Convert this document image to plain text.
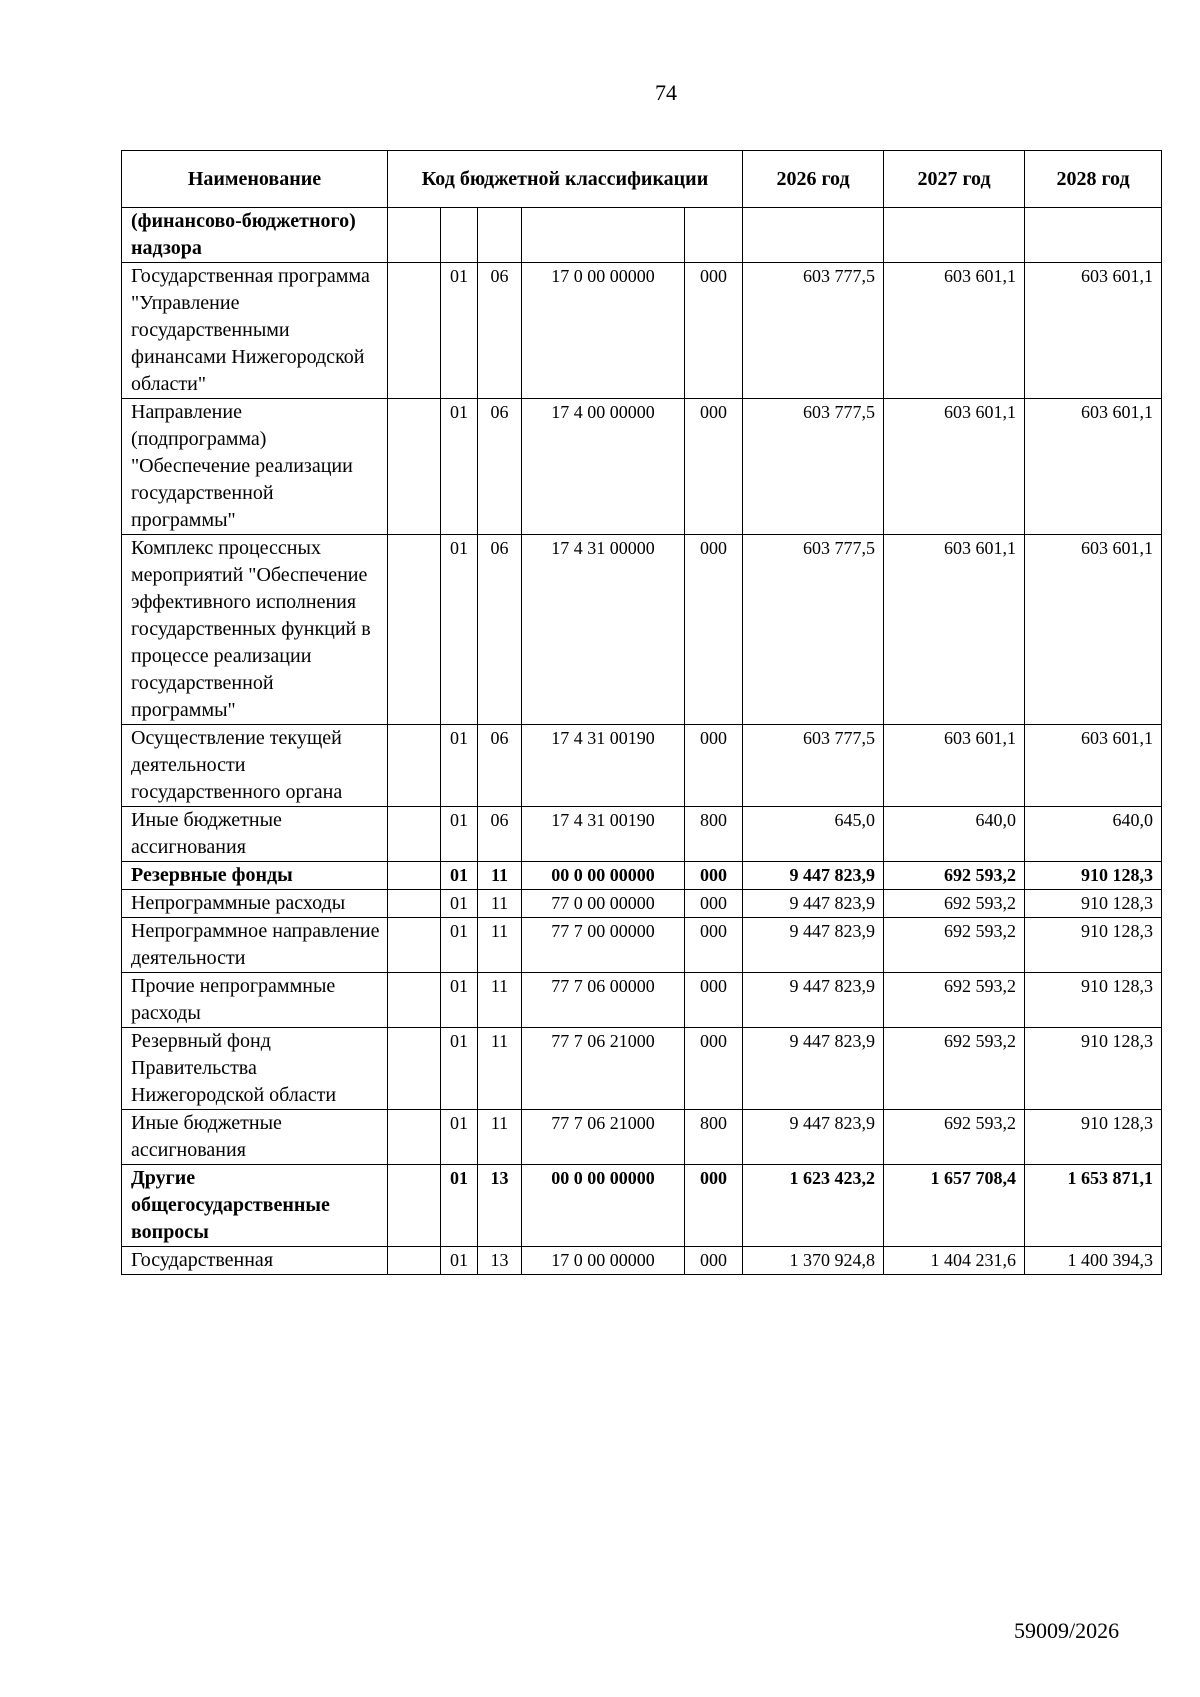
74
Наименование	Код бюджетной классификации					2026 год	2027 год	2028 год
(финансово-бюджетного) надзора								
Государственная программа "Управление государственными финансами Нижегородской области"		01	06	17 0 00 00000	000	603 777,5	603 601,1	603 601,1
Направление (подпрограмма) "Обеспечение реализации государственной программы"		01	06	17 4 00 00000	000	603 777,5	603 601,1	603 601,1
Комплекс процессных мероприятий "Обеспечение эффективного исполнения государственных функций в процессе реализации государственной программы"		01	06	17 4 31 00000	000	603 777,5	603 601,1	603 601,1
Осуществление текущей деятельности государственного органа		01	06	17 4 31 00190	000	603 777,5	603 601,1	603 601,1
Иные бюджетные ассигнования		01	06	17 4 31 00190	800	645,0	640,0	640,0
Резервные фонды		01	11	00 0 00 00000	000	9 447 823,9	692 593,2	910 128,3
Непрограммные расходы		01	11	77 0 00 00000	000	9 447 823,9	692 593,2	910 128,3
Непрограммное направление деятельности		01	11	77 7 00 00000	000	9 447 823,9	692 593,2	910 128,3
Прочие непрограммные расходы		01	11	77 7 06 00000	000	9 447 823,9	692 593,2	910 128,3
Резервный фонд Правительства Нижегородской области		01	11	77 7 06 21000	000	9 447 823,9	692 593,2	910 128,3
Иные бюджетные ассигнования		01	11	77 7 06 21000	800	9 447 823,9	692 593,2	910 128,3
Другие общегосударственные вопросы		01	13	00 0 00 00000	000	1 623 423,2	1 657 708,4	1 653 871,1
Государственная		01	13	17 0 00 00000	000	1 370 924,8	1 404 231,6	1 400 394,3
59009/2026
